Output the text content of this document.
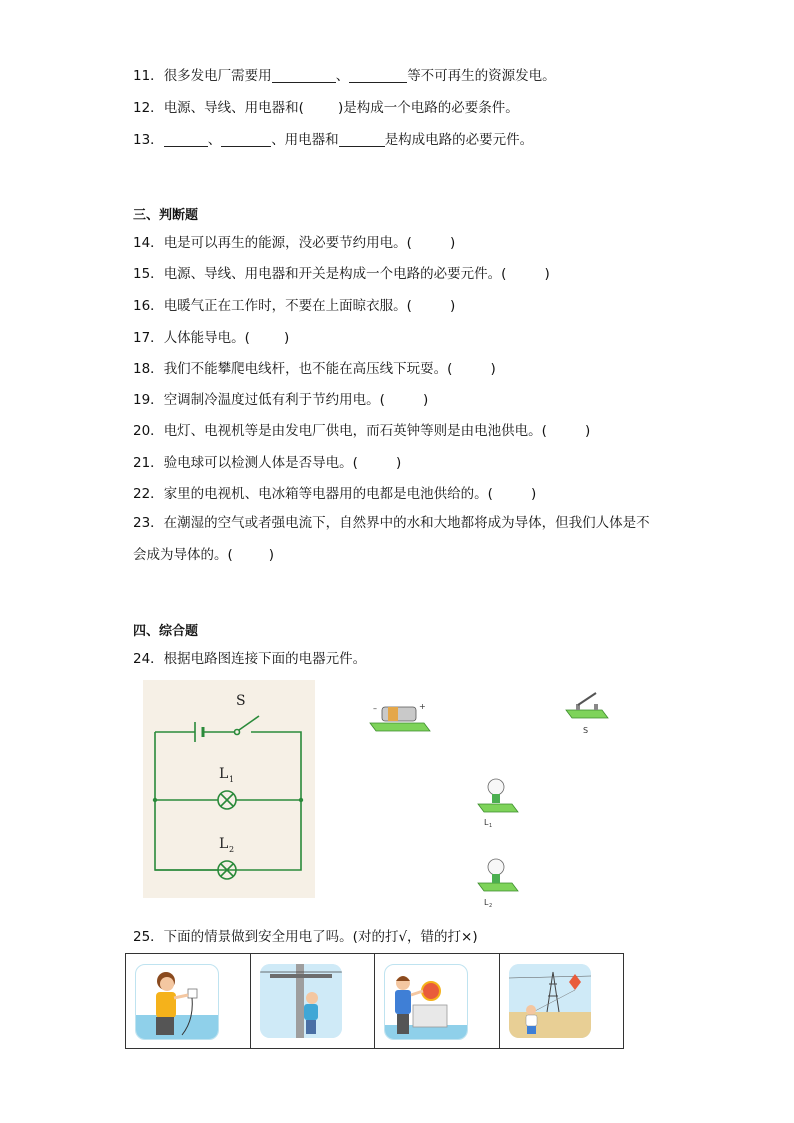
11．很多发电厂需要用	、	等不可再生的资源发电。
12．电源、导线、用电器和(	)是构成一个电路的必要条件。
13．	、	、用电器和	是构成电路的必要元件。
三、判断题
14．电是可以再生的能源，没必要节约用电。(	)
15．电源、导线、用电器和开关是构成一个电路的必要元件。(	)
16．电暖气正在工作时，不要在上面晾衣服。(	)
17．人体能导电。(	)
18．我们不能攀爬电线杆，也不能在高压线下玩耍。(	)
19．空调制冷温度过低有利于节约用电。(	)
20．电灯、电视机等是由发电厂供电，而石英钟等则是由电池供电。(	)
21．验电球可以检测人体是否导电。(	)
22．家里的电视机、电冰箱等电器用的电都是电池供给的。(	)
23．在潮湿的空气或者强电流下，自然界中的水和大地都将成为导体，但我们人体是不
会成为导体的。(	)
四、综合题
24．根据电路图连接下面的电器元件。
S
L 1
L 2
–	+
S
L 1
L 2
25．下面的情景做到安全用电了吗。(对的打√，错的打×)
